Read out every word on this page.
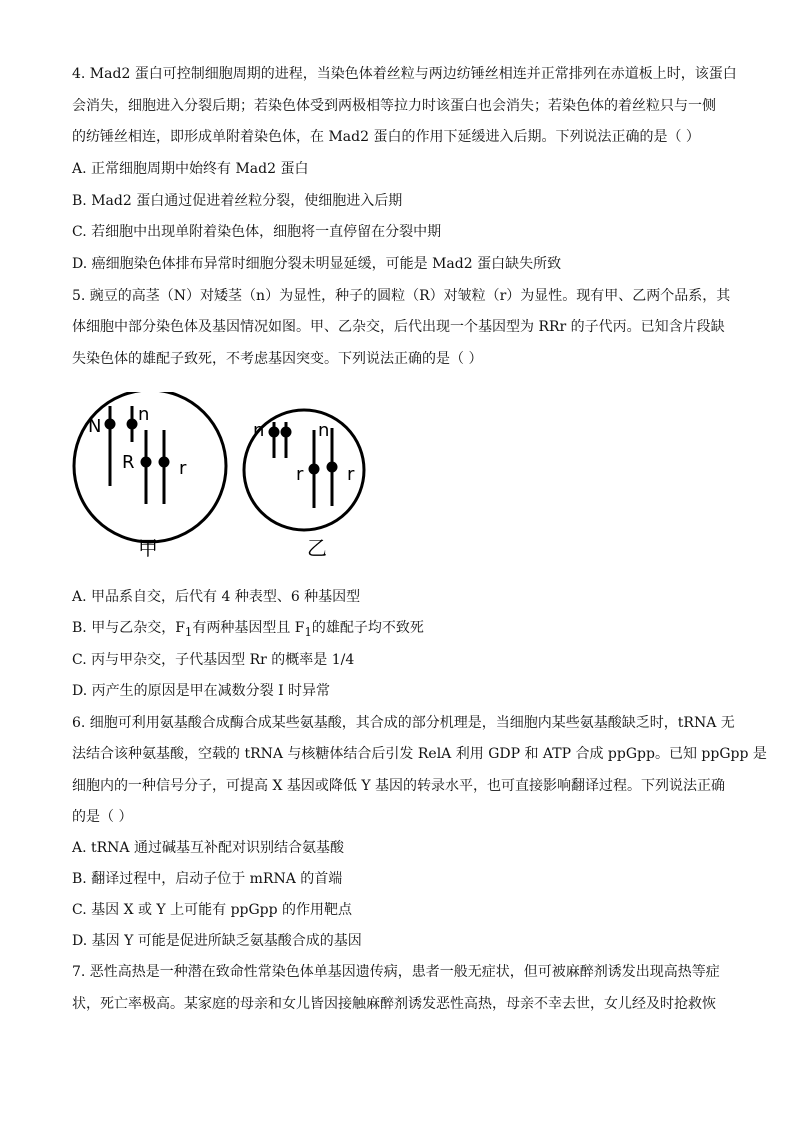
4. Mad2 蛋白可控制细胞周期的进程，当染色体着丝粒与两边纺锤丝相连并正常排列在赤道板上时，该蛋白
会消失，细胞进入分裂后期；若染色体受到两极相等拉力时该蛋白也会消失；若染色体的着丝粒只与一侧
的纺锤丝相连，即形成单附着染色体，在 Mad2 蛋白的作用下延缓进入后期。下列说法正确的是（ ）
A. 正常细胞周期中始终有 Mad2 蛋白
B. Mad2 蛋白通过促进着丝粒分裂，使细胞进入后期
C. 若细胞中出现单附着染色体，细胞将一直停留在分裂中期
D. 癌细胞染色体排布异常时细胞分裂未明显延缓，可能是 Mad2 蛋白缺失所致
5. 豌豆的高茎（N）对矮茎（n）为显性，种子的圆粒（R）对皱粒（r）为显性。现有甲、乙两个品系，其
体细胞中部分染色体及基因情况如图。甲、乙杂交，后代出现一个基因型为 RRr 的子代丙。已知含片段缺
失染色体的雄配子致死，不考虑基因突变。下列说法正确的是（ ）
N
n
R r
甲
n	n
r r
乙
A. 甲品系自交，后代有 4 种表型、6 种基因型
B. 甲与乙杂交，$F_1$有两种基因型且 $F_1$的雄配子均不致死
C. 丙与甲杂交，子代基因型 Rr 的概率是 1/4
D. 丙产生的原因是甲在减数分裂 I 时异常
6. 细胞可利用氨基酸合成酶合成某些氨基酸，其合成的部分机理是，当细胞内某些氨基酸缺乏时，tRNA 无
法结合该种氨基酸，空载的 tRNA 与核糖体结合后引发 RelA 利用 GDP 和 ATP 合成 ppGpp。已知 ppGpp 是
细胞内的一种信号分子，可提高 X 基因或降低 Y 基因的转录水平，也可直接影响翻译过程。下列说法正确
的是（ ）
A. tRNA 通过碱基互补配对识别结合氨基酸
B. 翻译过程中，启动子位于 mRNA 的首端
C. 基因 X 或 Y 上可能有 ppGpp 的作用靶点
D. 基因 Y 可能是促进所缺乏氨基酸合成的基因
7. 恶性高热是一种潜在致命性常染色体单基因遗传病，患者一般无症状，但可被麻醉剂诱发出现高热等症
状，死亡率极高。某家庭的母亲和女儿皆因接触麻醉剂诱发恶性高热，母亲不幸去世，女儿经及时抢救恢
